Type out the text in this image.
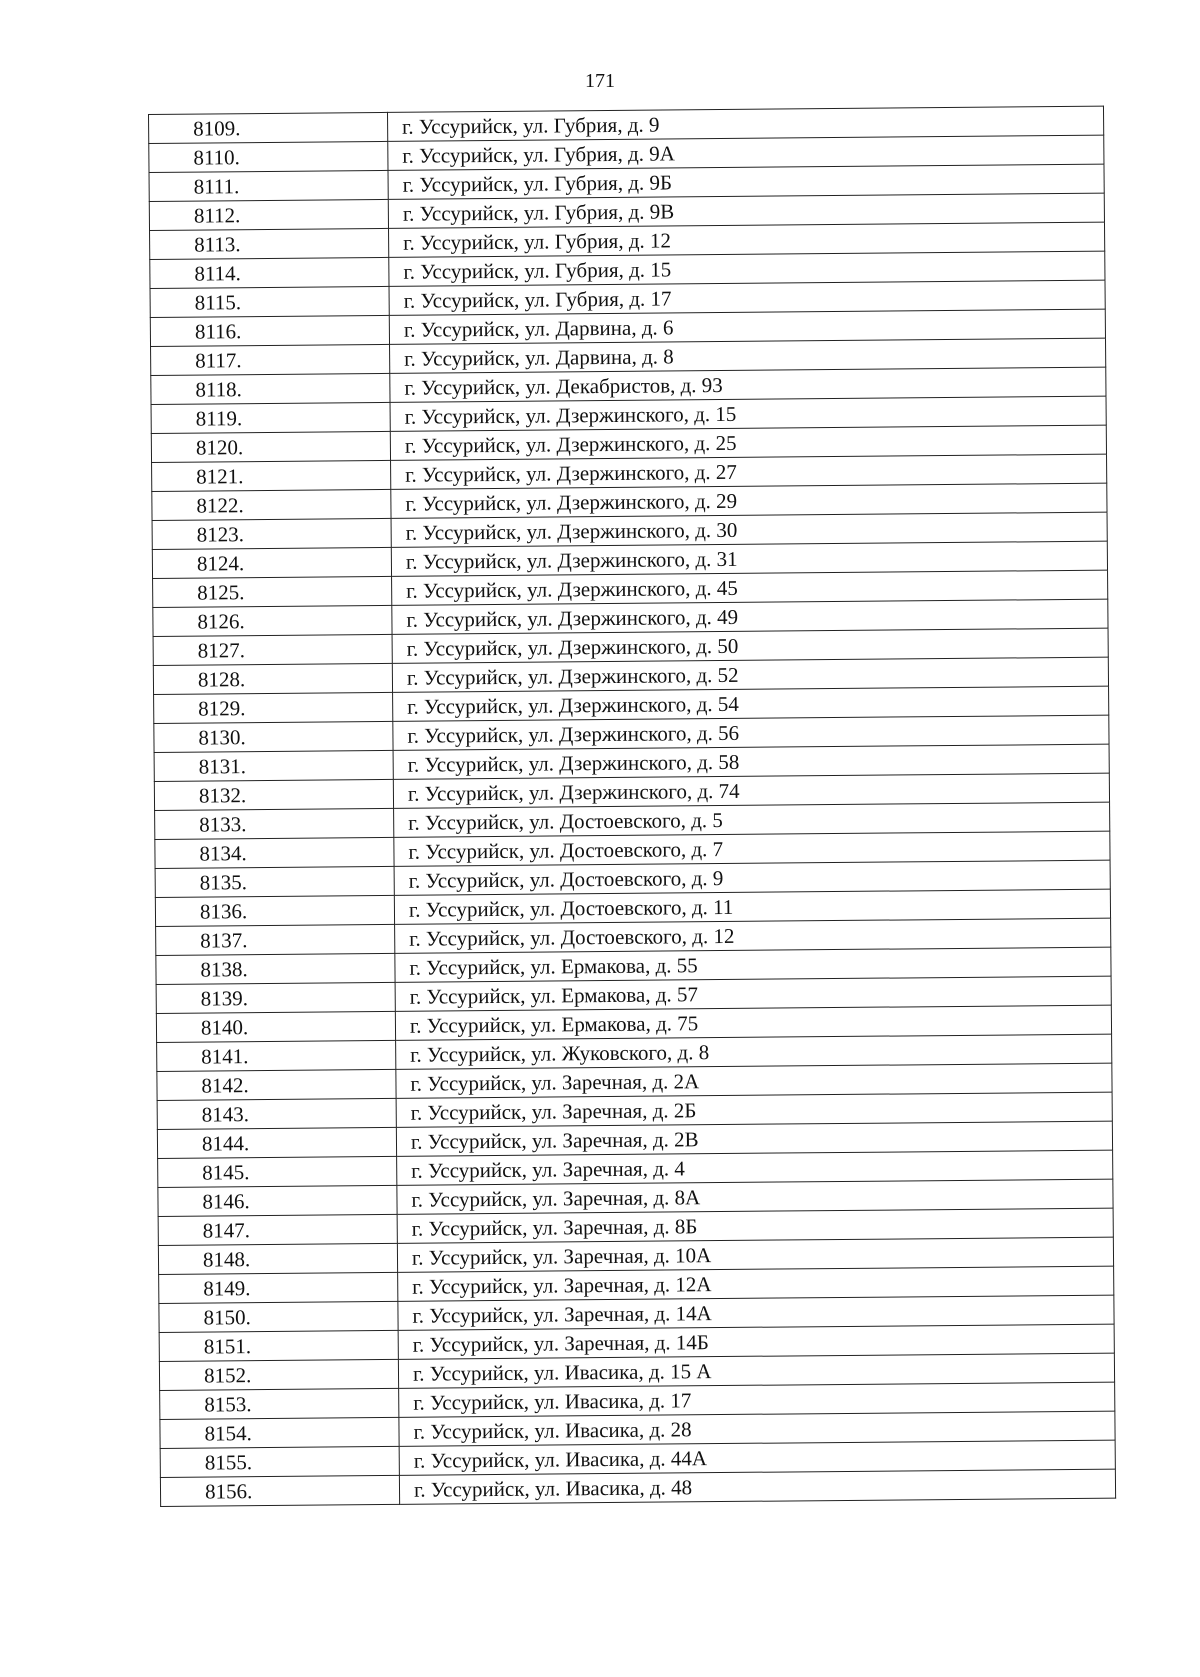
171
8109.	г. Уссурийск, ул. Губрия, д. 9
8110.	г. Уссурийск, ул. Губрия, д. 9А
8111.	г. Уссурийск, ул. Губрия, д. 9Б
8112.	г. Уссурийск, ул. Губрия, д. 9В
8113.	г. Уссурийск, ул. Губрия, д. 12
8114.	г. Уссурийск, ул. Губрия, д. 15
8115.	г. Уссурийск, ул. Губрия, д. 17
8116.	г. Уссурийск, ул. Дарвина, д. 6
8117.	г. Уссурийск, ул. Дарвина, д. 8
8118.	г. Уссурийск, ул. Декабристов, д. 93
8119.	г. Уссурийск, ул. Дзержинского, д. 15
8120.	г. Уссурийск, ул. Дзержинского, д. 25
8121.	г. Уссурийск, ул. Дзержинского, д. 27
8122.	г. Уссурийск, ул. Дзержинского, д. 29
8123.	г. Уссурийск, ул. Дзержинского, д. 30
8124.	г. Уссурийск, ул. Дзержинского, д. 31
8125.	г. Уссурийск, ул. Дзержинского, д. 45
8126.	г. Уссурийск, ул. Дзержинского, д. 49
8127.	г. Уссурийск, ул. Дзержинского, д. 50
8128.	г. Уссурийск, ул. Дзержинского, д. 52
8129.	г. Уссурийск, ул. Дзержинского, д. 54
8130.	г. Уссурийск, ул. Дзержинского, д. 56
8131.	г. Уссурийск, ул. Дзержинского, д. 58
8132.	г. Уссурийск, ул. Дзержинского, д. 74
8133.	г. Уссурийск, ул. Достоевского, д. 5
8134.	г. Уссурийск, ул. Достоевского, д. 7
8135.	г. Уссурийск, ул. Достоевского, д. 9
8136.	г. Уссурийск, ул. Достоевского, д. 11
8137.	г. Уссурийск, ул. Достоевского, д. 12
8138.	г. Уссурийск, ул. Ермакова, д. 55
8139.	г. Уссурийск, ул. Ермакова, д. 57
8140.	г. Уссурийск, ул. Ермакова, д. 75
8141.	г. Уссурийск, ул. Жуковского, д. 8
8142.	г. Уссурийск, ул. Заречная, д. 2А
8143.	г. Уссурийск, ул. Заречная, д. 2Б
8144.	г. Уссурийск, ул. Заречная, д. 2В
8145.	г. Уссурийск, ул. Заречная, д. 4
8146.	г. Уссурийск, ул. Заречная, д. 8А
8147.	г. Уссурийск, ул. Заречная, д. 8Б
8148.	г. Уссурийск, ул. Заречная, д. 10А
8149.	г. Уссурийск, ул. Заречная, д. 12А
8150.	г. Уссурийск, ул. Заречная, д. 14А
8151.	г. Уссурийск, ул. Заречная, д. 14Б
8152.	г. Уссурийск, ул. Ивасика, д. 15 А
8153.	г. Уссурийск, ул. Ивасика, д. 17
8154.	г. Уссурийск, ул. Ивасика, д. 28
8155.	г. Уссурийск, ул. Ивасика, д. 44А
8156.	г. Уссурийск, ул. Ивасика, д. 48
